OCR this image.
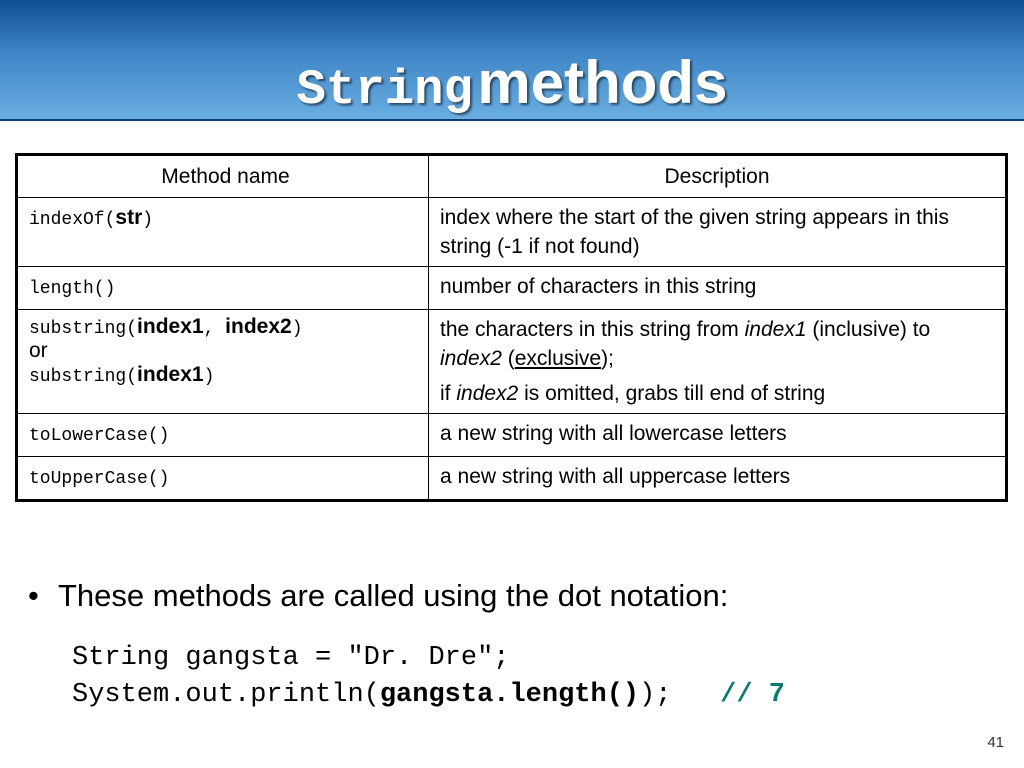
String methods
Method name	Description
indexOf(str)	index where the start of the given string appears in this string (-1 if not found)
length()	number of characters in this string

substring(index1, index2)
or
substring(index1)	the characters in this string from index1 (inclusive) to index2 (exclusive);
if index2 is omitted, grabs till end of string
toLowerCase()	a new string with all lowercase letters
toUpperCase()	a new string with all uppercase letters
• These methods are called using the dot notation:
String gangsta = "Dr. Dre";
System.out.println(gangsta.length()); // 7
41
